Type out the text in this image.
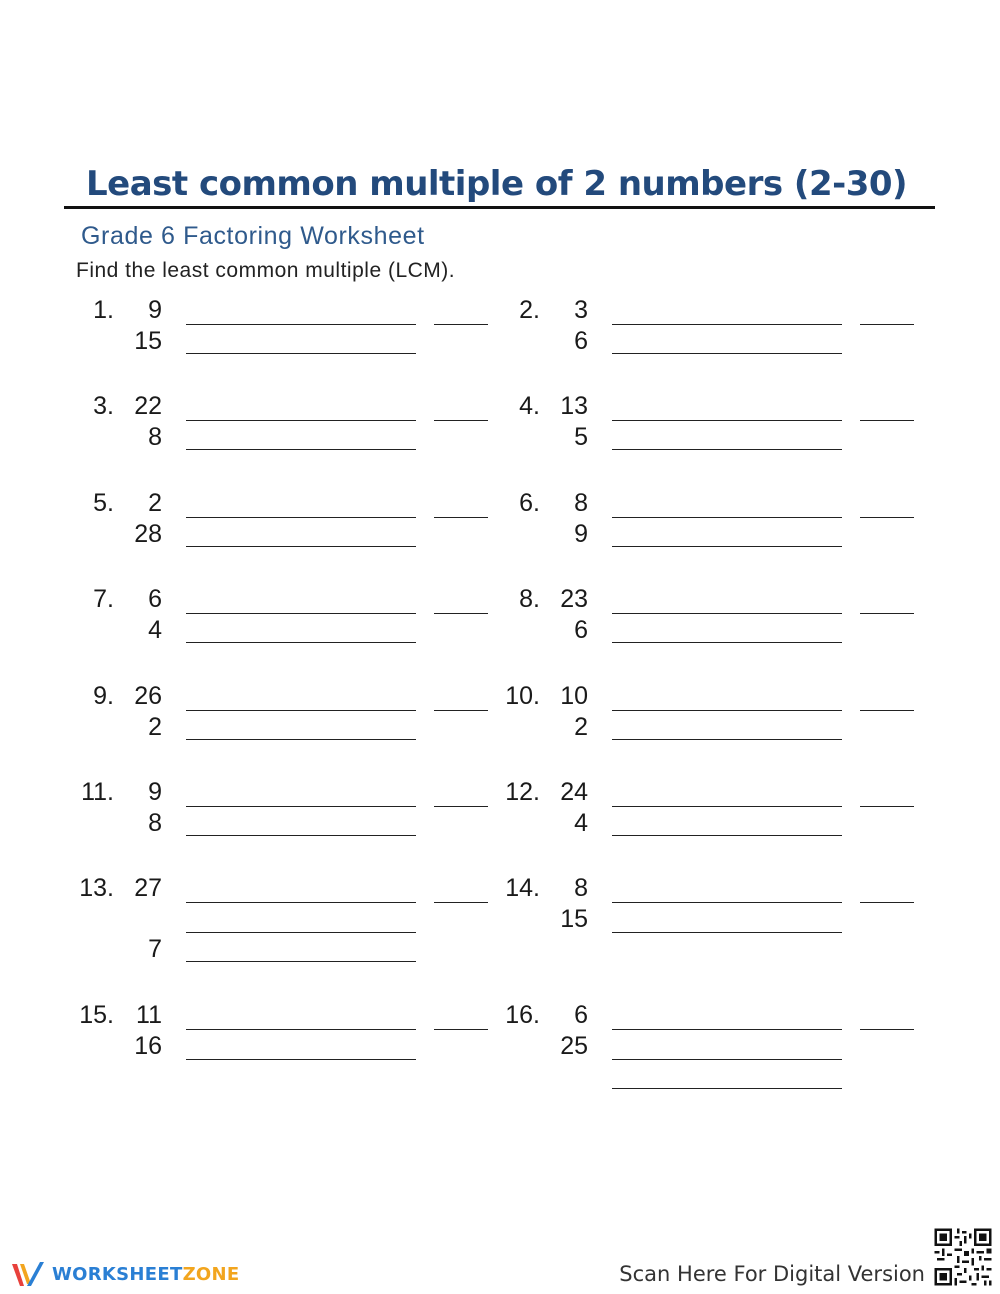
Least common multiple of 2 numbers (2-30)
Grade 6 Factoring Worksheet
Find the least common multiple (LCM).
1.	9
15
2.	3
6
3. 22
8
4. 13
5
5.	2
28
6.	8
9
7.	6
4
8. 23
6
9. 26
2
10. 10
2
11.	9
8
12. 24
4
13. 27
7
14.	8
15
15. 11
16
16.	6
25
WORKSHEETZONE	Scan Here For Digital Version
